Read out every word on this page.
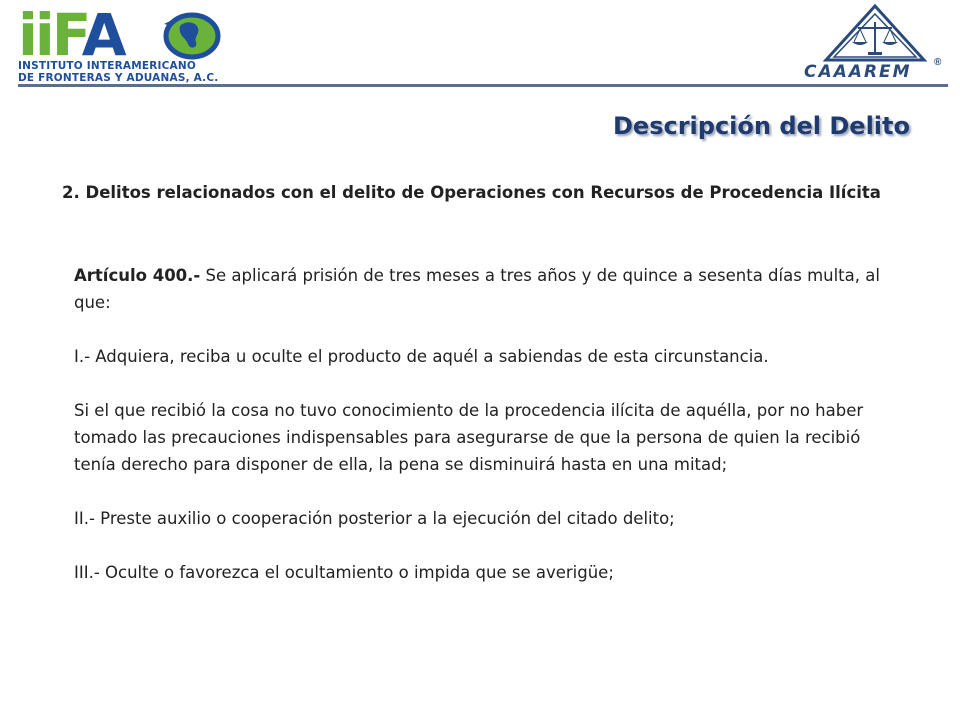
iiFA
INSTITUTO INTERAMERICANO
DE FRONTERAS Y ADUANAS, A.C.	CAAAREM ®
Descripción del Delito
2. Delitos relacionados con el delito de Operaciones con Recursos de Procedencia Ilícita

Artículo 400.- Se aplicará prisión de tres meses a tres años y de quince a sesenta días multa, al que:

I.- Adquiera, reciba u oculte el producto de aquél a sabiendas de esta circunstancia.

Si el que recibió la cosa no tuvo conocimiento de la procedencia ilícita de aquélla, por no haber tomado las precauciones indispensables para asegurarse de que la persona de quien la recibió tenía derecho para disponer de ella, la pena se disminuirá hasta en una mitad;

II.- Preste auxilio o cooperación posterior a la ejecución del citado delito;

III.- Oculte o favorezca el ocultamiento o impida que se averigüe;
